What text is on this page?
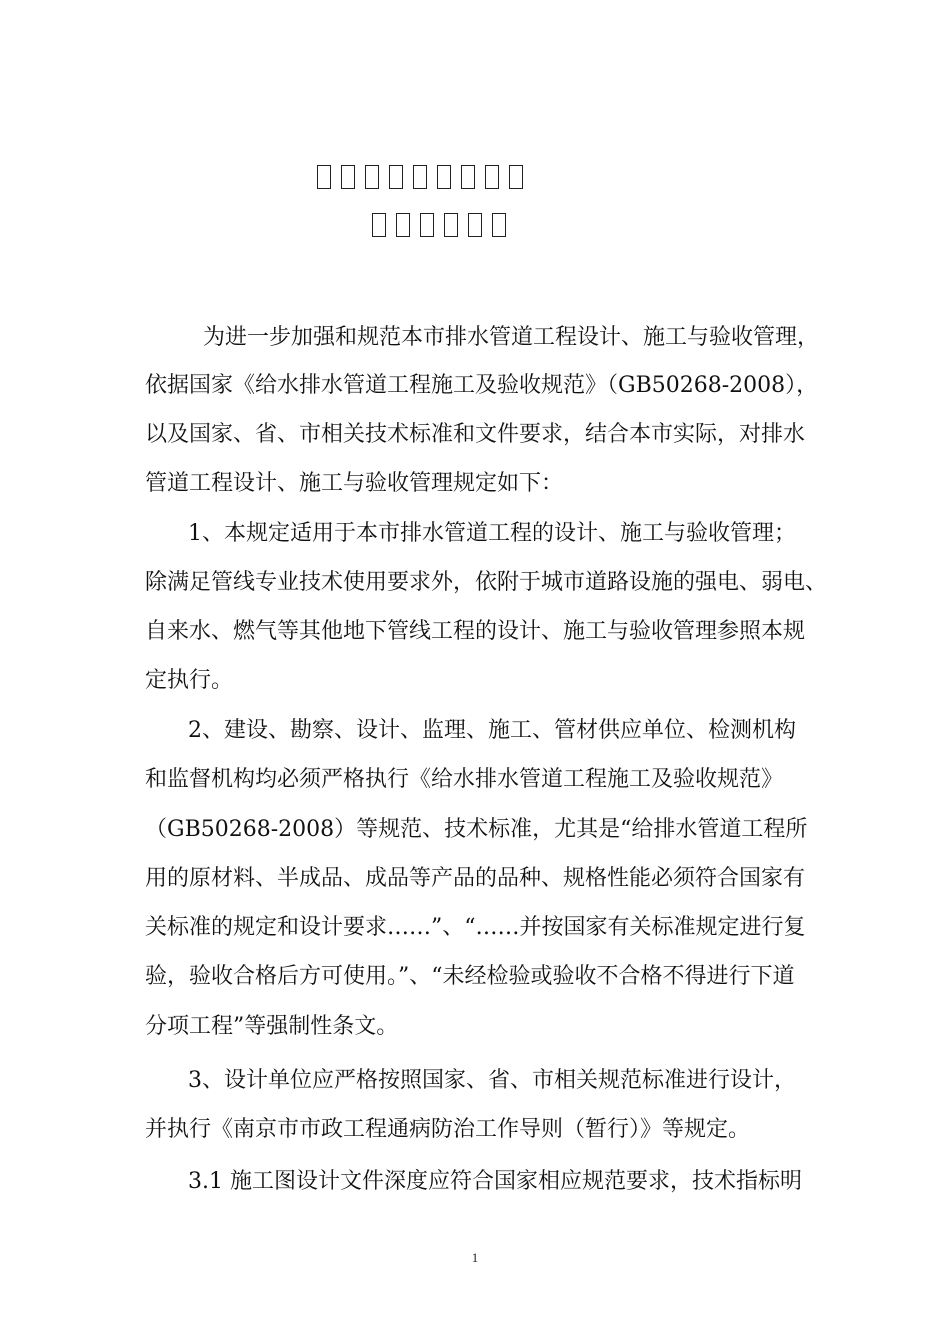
为进一步加强和规范本市排水管道工程设计、施工与验收管理，
依据国家《给水排水管道工程施工及验收规范》（GB50268-2008），
以及国家、省、市相关技术标准和文件要求，结合本市实际，对排水
管道工程设计、施工与验收管理规定如下：
1、本规定适用于本市排水管道工程的设计、施工与验收管理；
除满足管线专业技术使用要求外，依附于城市道路设施的强电、弱电、
自来水、燃气等其他地下管线工程的设计、施工与验收管理参照本规
定执行。
2、建设、勘察、设计、监理、施工、管材供应单位、检测机构
和监督机构均必须严格执行《给水排水管道工程施工及验收规范》
（GB50268-2008）等规范、技术标准，尤其是“给排水管道工程所
用的原材料、半成品、成品等产品的品种、规格性能必须符合国家有
关标准的规定和设计要求……”、“……并按国家有关标准规定进行复
验，验收合格后方可使用。”、“未经检验或验收不合格不得进行下道
分项工程”等强制性条文。
3、设计单位应严格按照国家、省、市相关规范标准进行设计，
并执行《南京市市政工程通病防治工作导则（暂行）》等规定。
3.1 施工图设计文件深度应符合国家相应规范要求，技术指标明
1
